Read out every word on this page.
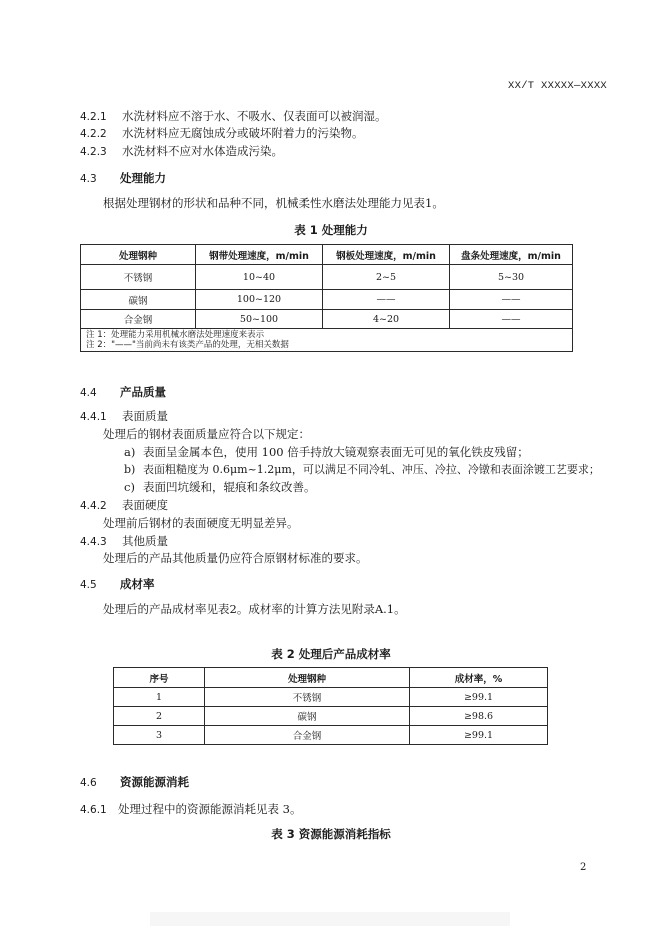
XX/T XXXXX—XXXX
4.2.1 水洗材料应不溶于水、不吸水、仅表面可以被润湿。
4.2.2 水洗材料应无腐蚀成分或破坏附着力的污染物。
4.2.3 水洗材料不应对水体造成污染。
4.3 处理能力
根据处理钢材的形状和品种不同，机械柔性水磨法处理能力见表1。
表 1 处理能力
处理钢种	钢带处理速度，m/min	钢板处理速度，m/min	盘条处理速度，m/min
不锈钢	10~40	2~5	5~30
碳钢	100~120	——	——
合金钢	50~100	4~20	——

注 1：处理能力采用机械水磨法处理速度来表示
注 2："——"当前尚未有该类产品的处理，无相关数据			
4.4 产品质量
4.4.1 表面质量
处理后的钢材表面质量应符合以下规定：
a) 表面呈金属本色，使用 100 倍手持放大镜观察表面无可见的氧化铁皮残留；
b) 表面粗糙度为 0.6μm~1.2μm，可以满足不同冷轧、冲压、冷拉、冷镦和表面涂镀工艺要求；
c) 表面凹坑缓和，辊痕和条纹改善。
4.4.2 表面硬度
处理前后钢材的表面硬度无明显差异。
4.4.3 其他质量
处理后的产品其他质量仍应符合原钢材标准的要求。
4.5 成材率
处理后的产品成材率见表2。成材率的计算方法见附录A.1。
表 2 处理后产品成材率
序号	处理钢种	成材率，%
1	不锈钢	≥99.1
2	碳钢	≥98.6
3	合金钢	≥99.1
4.6 资源能源消耗
4.6.1 处理过程中的资源能源消耗见表 3。
表 3 资源能源消耗指标
2
